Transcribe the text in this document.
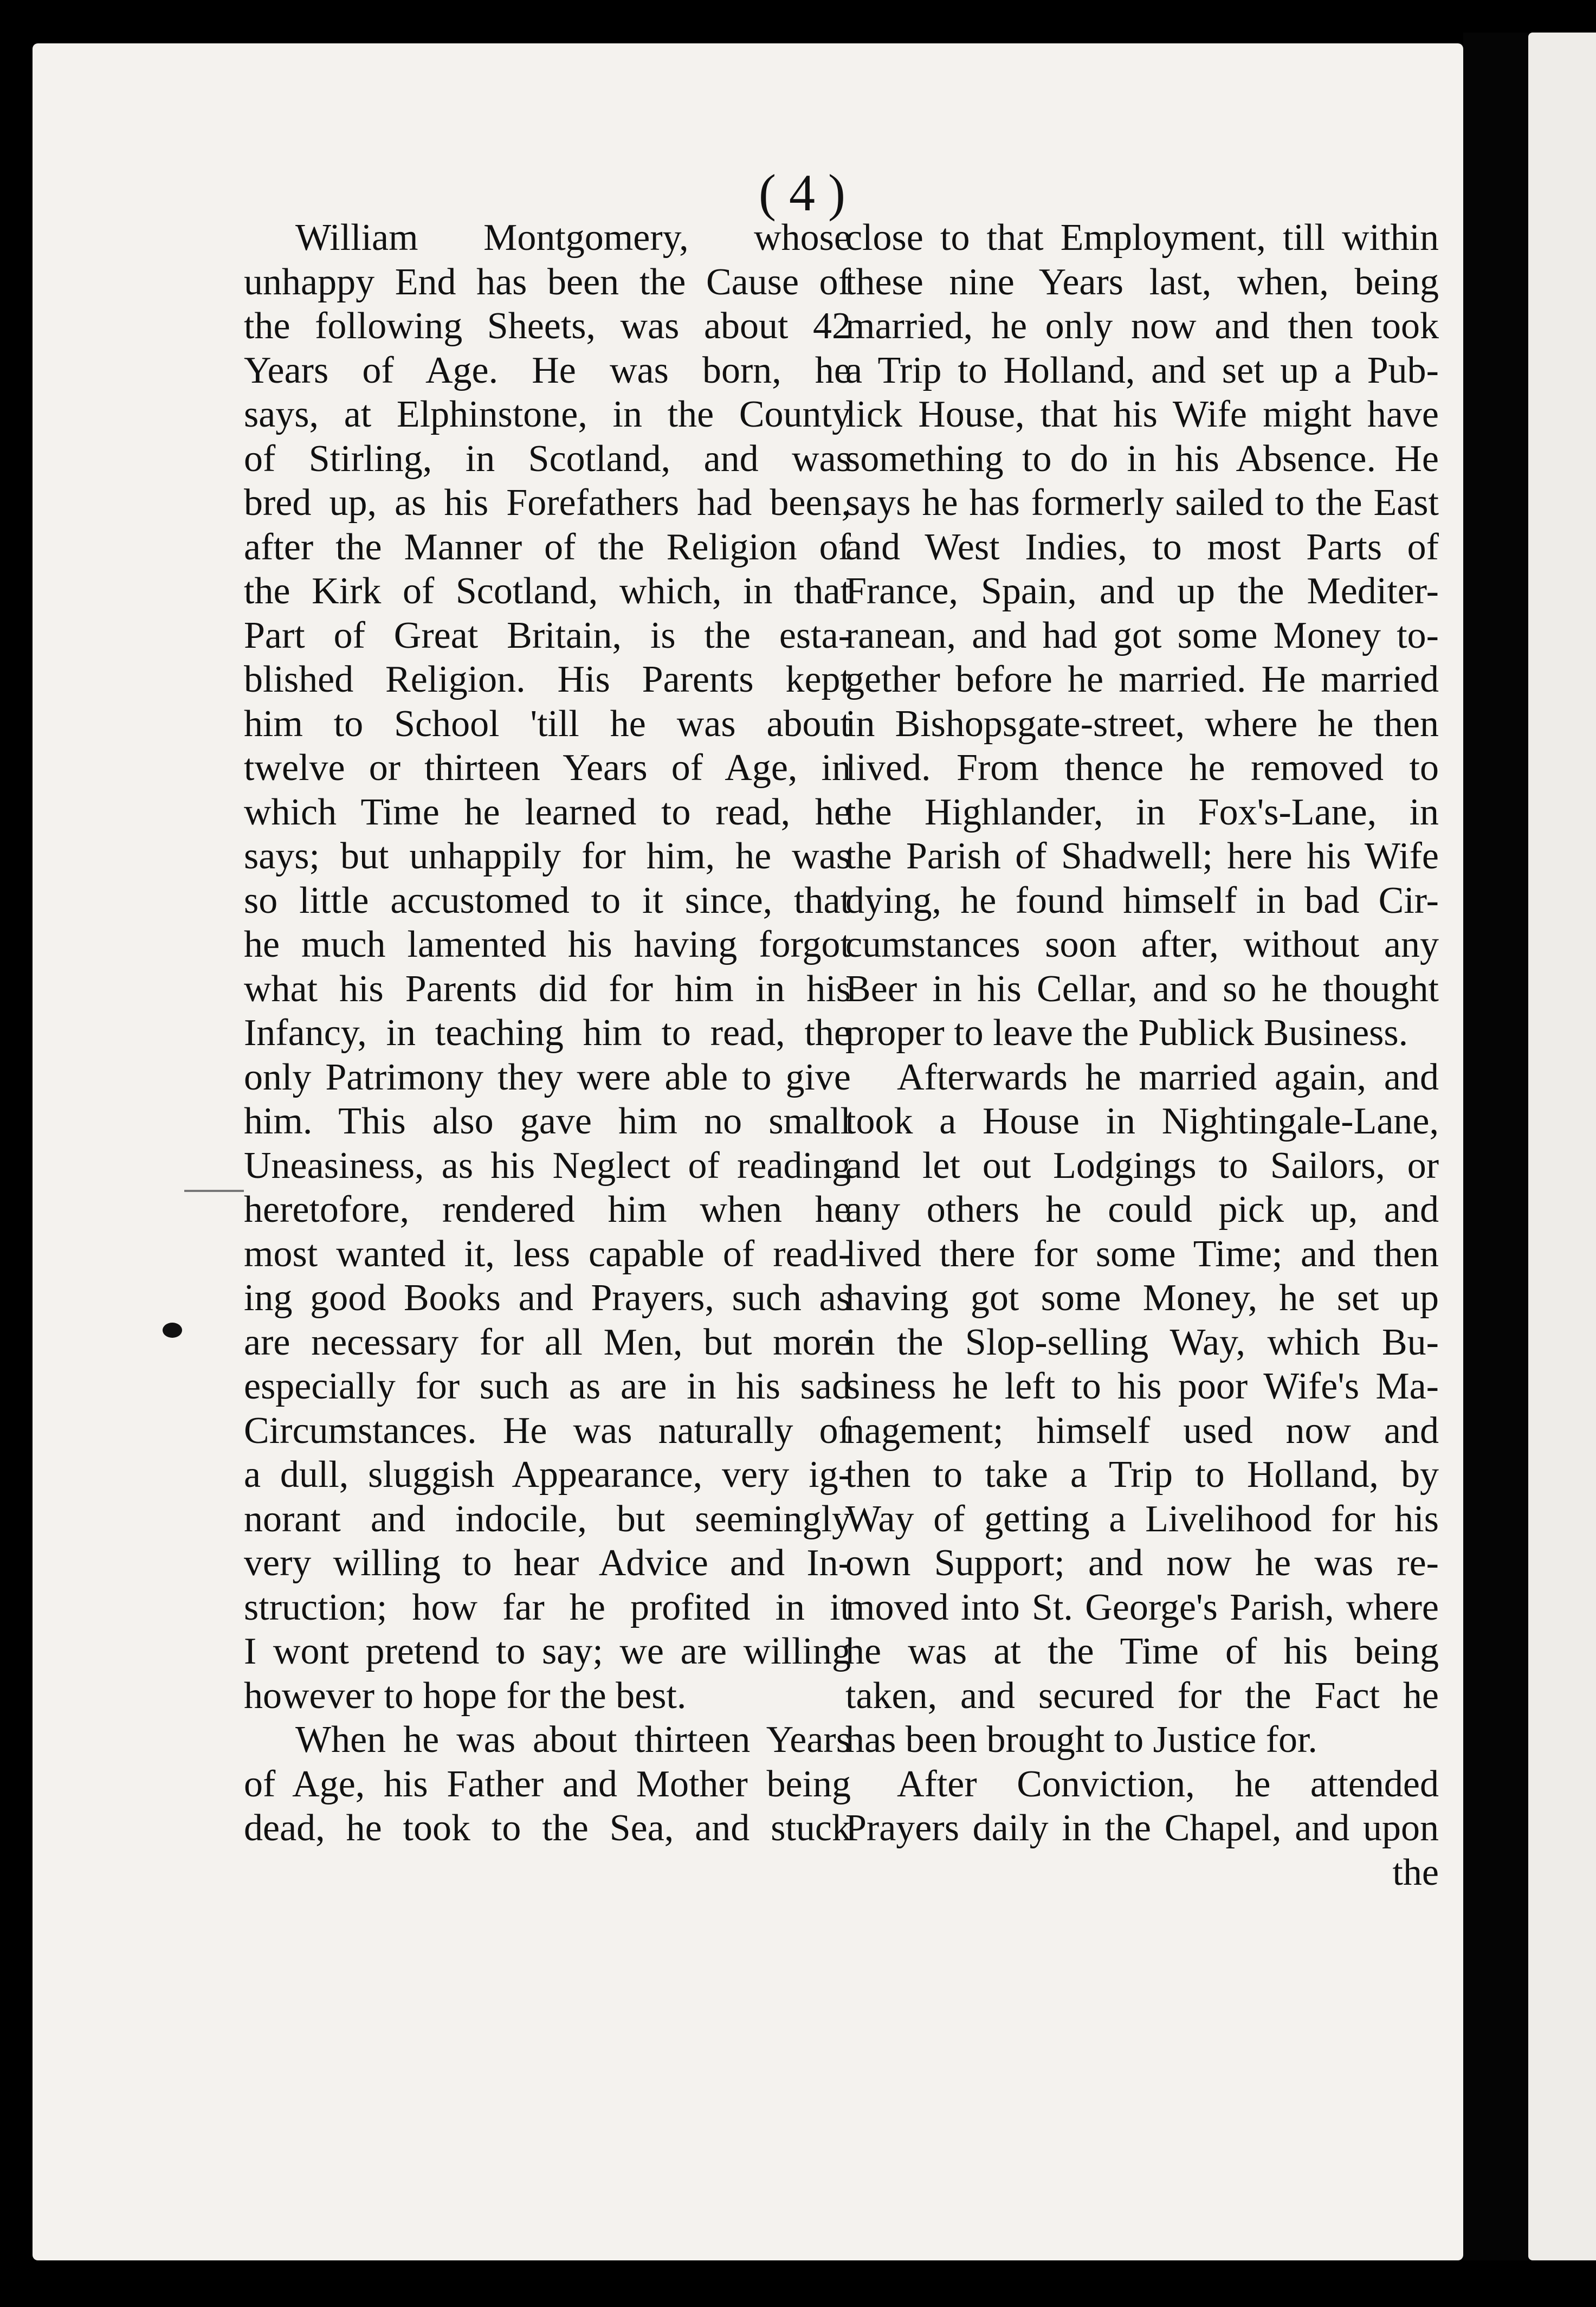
( 4 )
William Montgomery, whose
unhappy End has been the Cause of
the following Sheets, was about 42
Years of Age. He was born, he
says, at Elphinstone, in the County
of Stirling, in Scotland, and was
bred up, as his Forefathers had been,
after the Manner of the Religion of
the Kirk of Scotland, which, in that
Part of Great Britain, is the esta-
blished Religion. His Parents kept
him to School 'till he was about
twelve or thirteen Years of Age, in
which Time he learned to read, he
says; but unhappily for him, he was
so little accustomed to it since, that
he much lamented his having forgot
what his Parents did for him in his
Infancy, in teaching him to read, the
only Patrimony they were able to give
him. This also gave him no small
Uneasiness, as his Neglect of reading
heretofore, rendered him when he
most wanted it, less capable of read-
ing good Books and Prayers, such as
are necessary for all Men, but more
especially for such as are in his sad
Circumstances. He was naturally of
a dull, sluggish Appearance, very ig-
norant and indocile, but seemingly
very willing to hear Advice and In-
struction; how far he profited in it
I wont pretend to say; we are willing
however to hope for the best.
When he was about thirteen Years
of Age, his Father and Mother being
dead, he took to the Sea, and stuck
close to that Employment, till within
these nine Years last, when, being
married, he only now and then took
a Trip to Holland, and set up a Pub-
lick House, that his Wife might have
something to do in his Absence. He
says he has formerly sailed to the East
and West Indies, to most Parts of
France, Spain, and up the Mediter-
ranean, and had got some Money to-
gether before he married. He married
in Bishopsgate-street, where he then
lived. From thence he removed to
the Highlander, in Fox's-Lane, in
the Parish of Shadwell; here his Wife
dying, he found himself in bad Cir-
cumstances soon after, without any
Beer in his Cellar, and so he thought
proper to leave the Publick Business.
Afterwards he married again, and
took a House in Nightingale-Lane,
and let out Lodgings to Sailors, or
any others he could pick up, and
lived there for some Time; and then
having got some Money, he set up
in the Slop-selling Way, which Bu-
siness he left to his poor Wife's Ma-
nagement; himself used now and
then to take a Trip to Holland, by
Way of getting a Livelihood for his
own Support; and now he was re-
moved into St. George's Parish, where
he was at the Time of his being
taken, and secured for the Fact he
has been brought to Justice for.
After Conviction, he attended
Prayers daily in the Chapel, and upon
the
